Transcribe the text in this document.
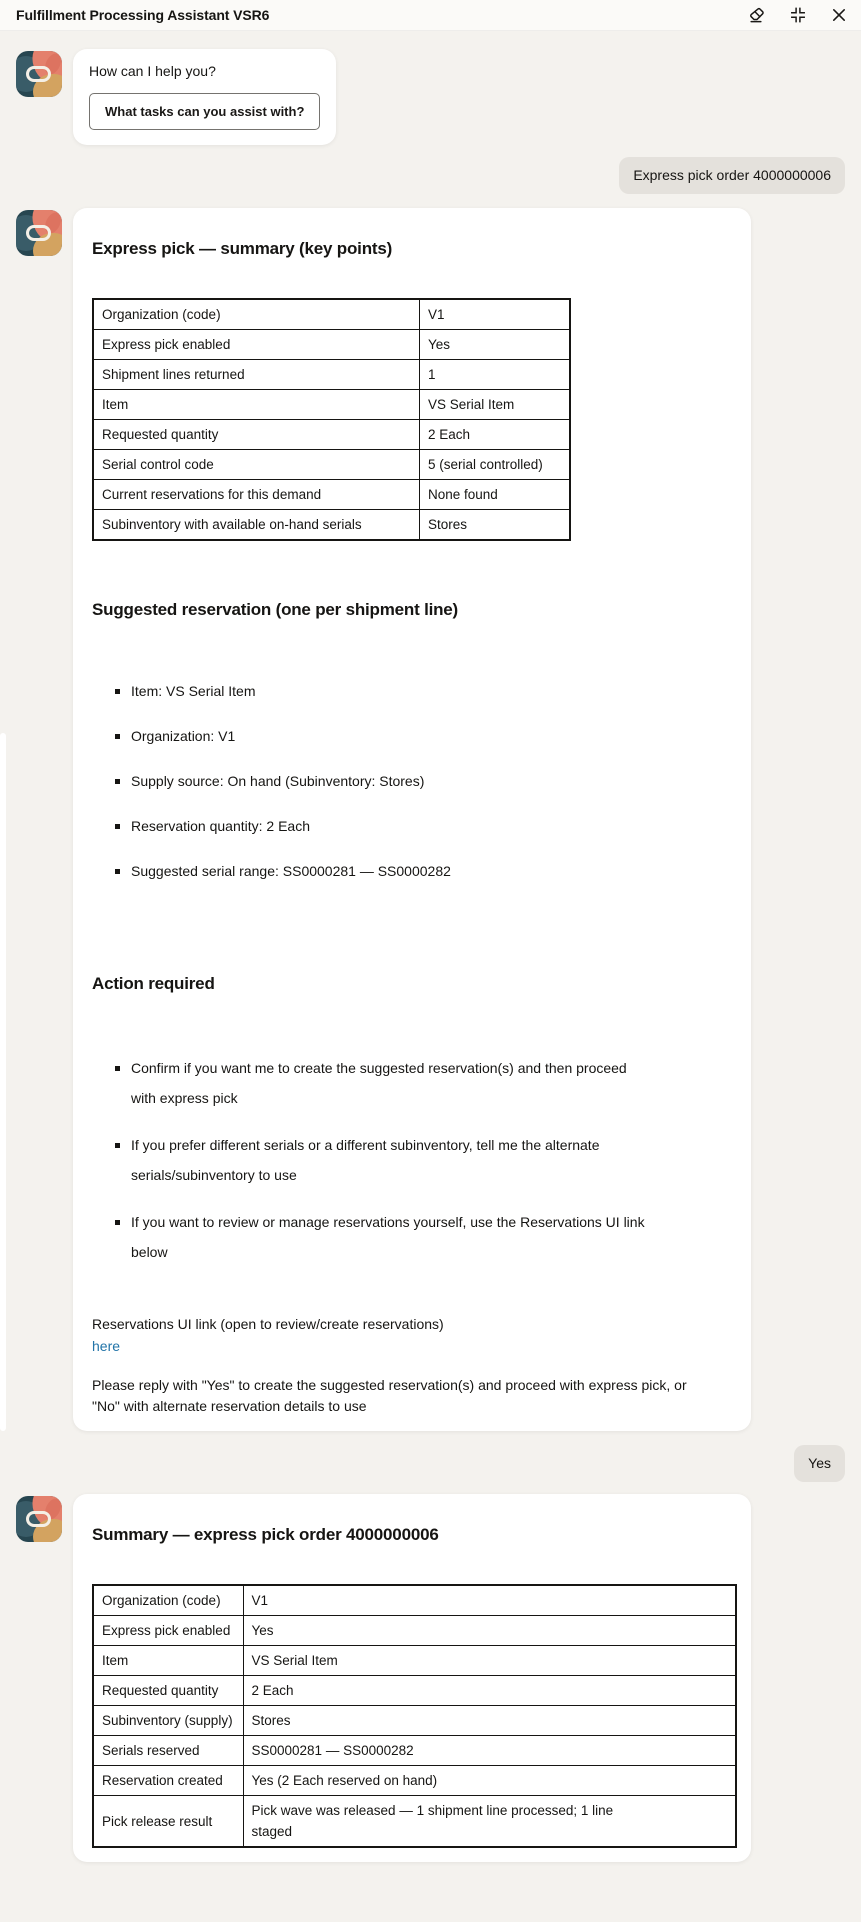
Fulfillment Processing Assistant VSR6

How can I help you?

What tasks can you assist with?
Express pick order 4000000006
Express pick — summary (key points)
Organization (code)	V1
Express pick enabled	Yes
Shipment lines returned	1
Item	VS Serial Item
Requested quantity	2 Each
Serial control code	5 (serial controlled)
Current reservations for this demand	None found
Subinventory with available on-hand serials	Stores
Suggested reservation (one per shipment line)
Item: VS Serial Item
Organization: V1
Supply source: On hand (Subinventory: Stores)
Reservation quantity: 2 Each
Suggested serial range: SS0000281 — SS0000282
Action required
Confirm if you want me to create the suggested reservation(s) and then proceed with express pick
If you prefer different serials or a different subinventory, tell me the alternate serials/subinventory to use
If you want to review or manage reservations yourself, use the Reservations UI link below

Reservations UI link (open to review/create reservations)

here

Please reply with "Yes" to create the suggested reservation(s) and proceed with express pick, or "No" with alternate reservation details to use

Yes
Summary — express pick order 4000000006
Organization (code)	V1
Express pick enabled	Yes
Item	VS Serial Item
Requested quantity	2 Each
Subinventory (supply)	Stores
Serials reserved	SS0000281 — SS0000282
Reservation created	Yes (2 Each reserved on hand)
Pick release result	Pick wave was released — 1 shipment line processed; 1 line staged
